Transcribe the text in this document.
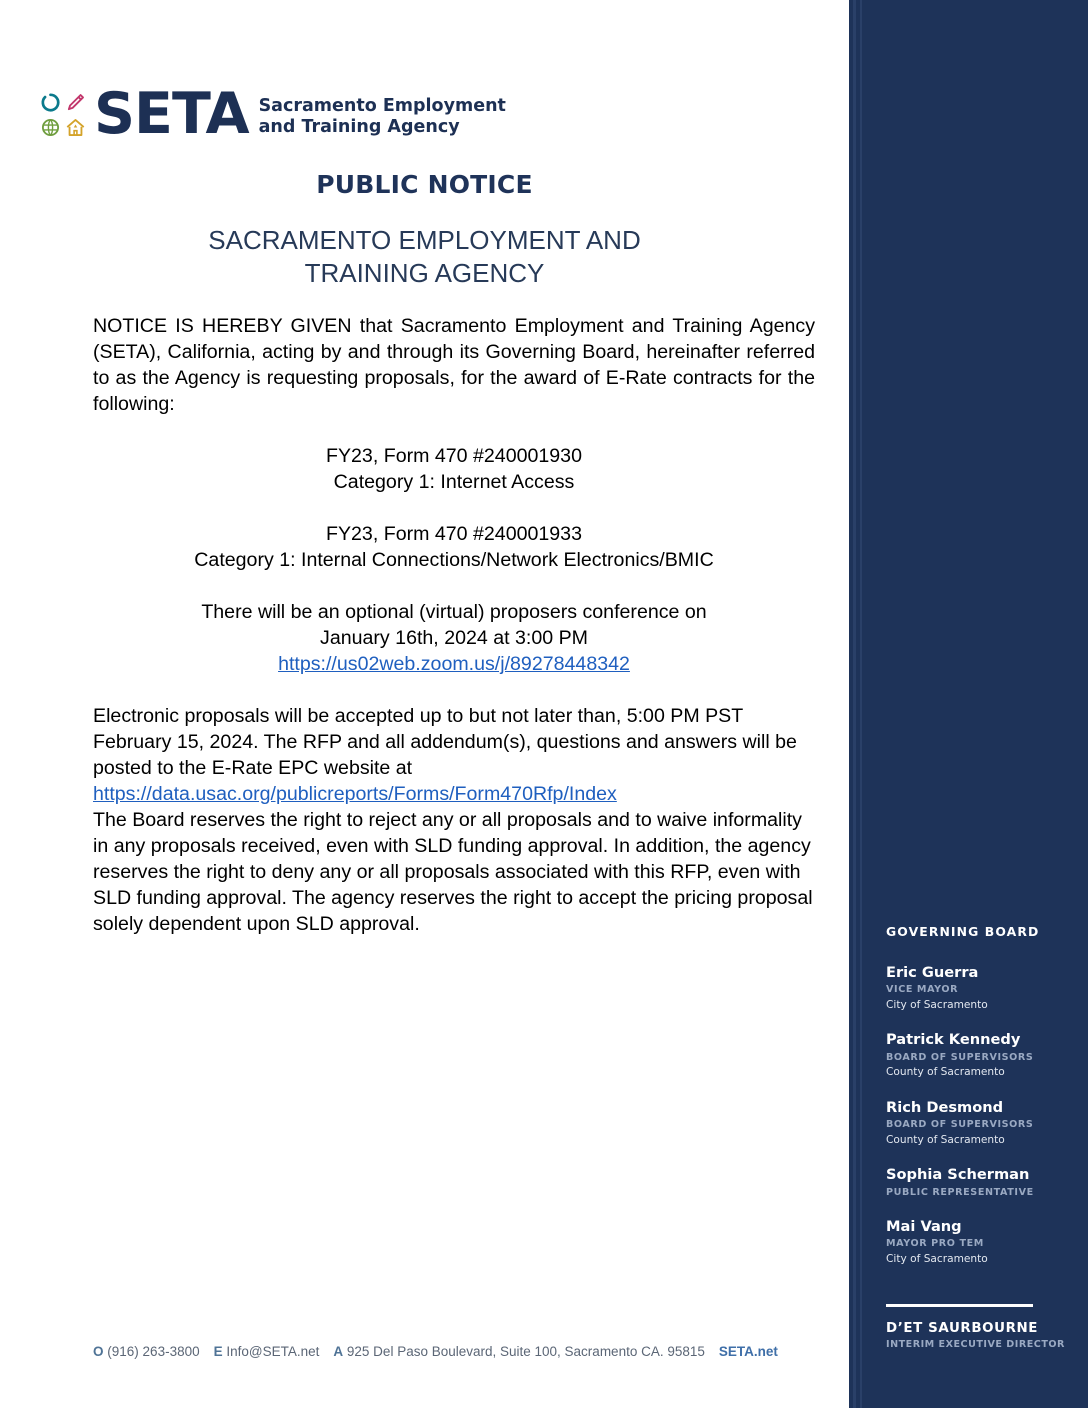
SETA Sacramento Employment
and Training Agency
PUBLIC NOTICE
SACRAMENTO EMPLOYMENT AND
TRAINING AGENCY

NOTICE IS HEREBY GIVEN that Sacramento Employment and Training Agency (SETA), California, acting by and through its Governing Board, hereinafter referred to as the Agency is requesting proposals, for the award of E-Rate contracts for the following:

FY23, Form 470 #240001930

Category 1: Internet Access

FY23, Form 470 #240001933

Category 1: Internal Connections/Network Electronics/BMIC

There will be an optional (virtual) proposers conference on

January 16th, 2024 at 3:00 PM

https://us02web.zoom.us/j/89278448342

Electronic proposals will be accepted up to but not later than, 5:00 PM PST February 15, 2024. The RFP and all addendum(s), questions and answers will be posted to the E-Rate EPC website at

https://data.usac.org/publicreports/Forms/Form470Rfp/Index

The Board reserves the right to reject any or all proposals and to waive informality in any proposals received, even with SLD funding approval. In addition, the agency reserves the right to deny any or all proposals associated with this RFP, even with SLD funding approval. The agency reserves the right to accept the pricing proposal solely dependent upon SLD approval.

O (916) 263-3800 E Info@SETA.net A 925 Del Paso Boulevard, Suite 100, Sacramento CA. 95815 SETA.net
GOVERNING BOARD
Eric Guerra
VICE MAYOR
City of Sacramento
Patrick Kennedy
BOARD OF SUPERVISORS
County of Sacramento
Rich Desmond
BOARD OF SUPERVISORS
County of Sacramento
Sophia Scherman
PUBLIC REPRESENTATIVE
Mai Vang
MAYOR PRO TEM
City of Sacramento
D’ET SAURBOURNE
INTERIM EXECUTIVE DIRECTOR
